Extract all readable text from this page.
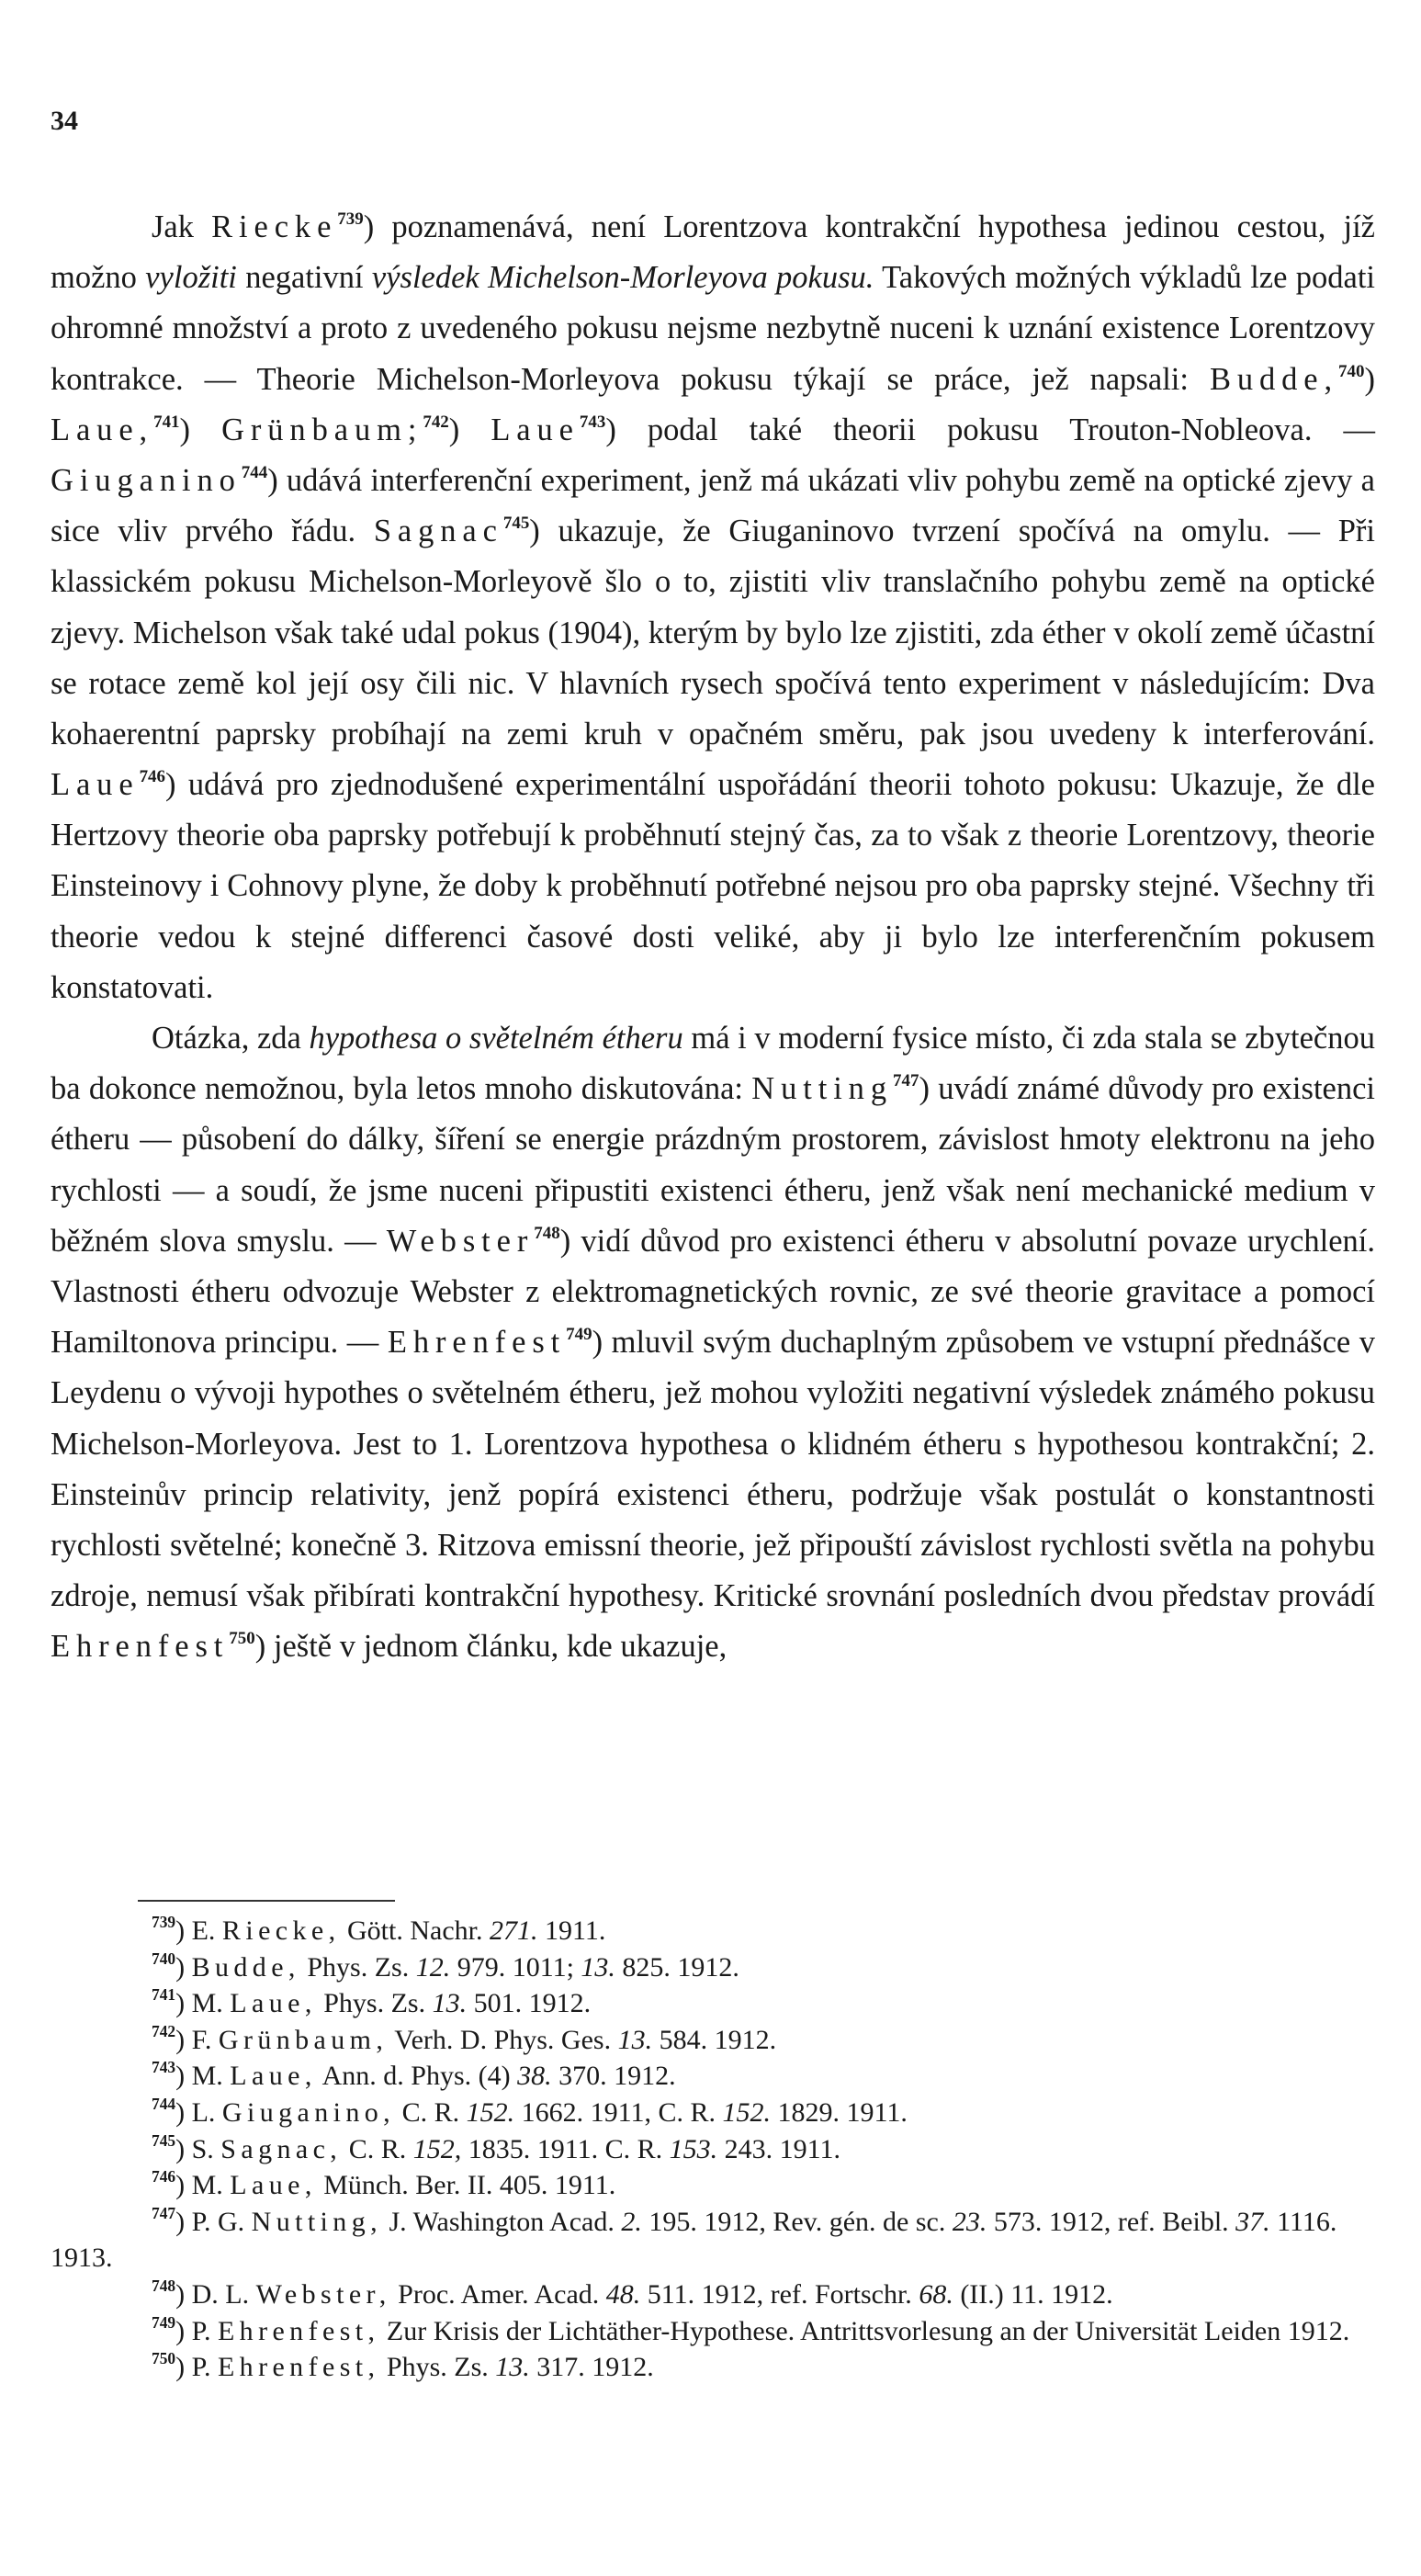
34

Jak Riecke$^{739}$) poznamenává, není Lorentzova kontrakční hypothesa jedinou cestou, jíž možno vyložiti negativní výsledek Michelson-Morleyova pokusu. Takových možných výkladů lze podati ohromné množství a proto z uvedeného pokusu nejsme nezbytně nuceni k uznání existence Lorentzovy kontrakce. — Theorie Michelson-Morleyova pokusu týkají se práce, jež napsali: Budde,$^{740}$) Laue,$^{741}$) Grünbaum;$^{742}$) Laue$^{743}$) podal také theorii pokusu Trouton-Nobleova. — Giuganino$^{744}$) udává interferenční experiment, jenž má ukázati vliv pohybu země na optické zjevy a sice vliv prvého řádu. Sagnac$^{745}$) ukazuje, že Giuganinovo tvrzení spočívá na omylu. — Při klassickém pokusu Michelson-Morleyově šlo o to, zjistiti vliv translačního pohybu země na optické zjevy. Michelson však také udal pokus (1904), kterým by bylo lze zjistiti, zda éther v okolí země účastní se rotace země kol její osy čili nic. V hlavních rysech spočívá tento experiment v následujícím: Dva kohaerentní paprsky probíhají na zemi kruh v opačném směru, pak jsou uvedeny k interferování. Laue$^{746}$) udává pro zjednodušené experimentální uspořádání theorii tohoto pokusu: Ukazuje, že dle Hertzovy theorie oba paprsky potřebují k proběhnutí stejný čas, za to však z theorie Lorentzovy, theorie Einsteinovy i Cohnovy plyne, že doby k proběhnutí potřebné nejsou pro oba paprsky stejné. Všechny tři theorie vedou k stejné differenci časové dosti veliké, aby ji bylo lze interferenčním pokusem konstatovati.

Otázka, zda hypothesa o světelném étheru má i v moderní fysice místo, či zda stala se zbytečnou ba dokonce nemožnou, byla letos mnoho diskutována: Nutting$^{747}$) uvádí známé důvody pro existenci étheru — působení do dálky, šíření se energie prázdným prostorem, závislost hmoty elektronu na jeho rychlosti — a soudí, že jsme nuceni připustiti existenci étheru, jenž však není mechanické medium v běžném slova smyslu. — Webster$^{748}$) vidí důvod pro existenci étheru v absolutní povaze urychlení. Vlastnosti étheru odvozuje Webster z elektromagnetických rovnic, ze své theorie gravitace a pomocí Hamiltonova principu. — Ehrenfest$^{749}$) mluvil svým duchaplným způsobem ve vstupní přednášce v Leydenu o vývoji hypothes o světelném étheru, jež mohou vyložiti negativní výsledek známého pokusu Michelson-Morleyova. Jest to 1. Lorentzova hypothesa o klidném étheru s hypothesou kontrakční; 2. Einsteinův princip relativity, jenž popírá existenci étheru, podržuje však postulát o konstantnosti rychlosti světelné; konečně 3. Ritzova emissní theorie, jež připouští závislost rychlosti světla na pohybu zdroje, nemusí však přibírati kontrakční hypothesy. Kritické srovnání posledních dvou představ provádí Ehrenfest$^{750}$) ještě v jednom článku, kde ukazuje,

$^{739}$) E. Riecke, Gött. Nachr. 271. 1911.

$^{740}$) Budde, Phys. Zs. 12. 979. 1011; 13. 825. 1912.

$^{741}$) M. Laue, Phys. Zs. 13. 501. 1912.

$^{742}$) F. Grünbaum, Verh. D. Phys. Ges. 13. 584. 1912.

$^{743}$) M. Laue, Ann. d. Phys. (4) 38. 370. 1912.

$^{744}$) L. Giuganino, C. R. 152. 1662. 1911, C. R. 152. 1829. 1911.

$^{745}$) S. Sagnac, C. R. 152, 1835. 1911. C. R. 153. 243. 1911.

$^{746}$) M. Laue, Münch. Ber. II. 405. 1911.

$^{747}$) P. G. Nutting, J. Washington Acad. 2. 195. 1912, Rev. gén. de sc. 23. 573. 1912, ref. Beibl. 37. 1116. 1913.

$^{748}$) D. L. Webster, Proc. Amer. Acad. 48. 511. 1912, ref. Fortschr. 68. (II.) 11. 1912.

$^{749}$) P. Ehrenfest, Zur Krisis der Lichtäther-Hypothese. Antrittsvorlesung an der Universität Leiden 1912.

$^{750}$) P. Ehrenfest, Phys. Zs. 13. 317. 1912.
